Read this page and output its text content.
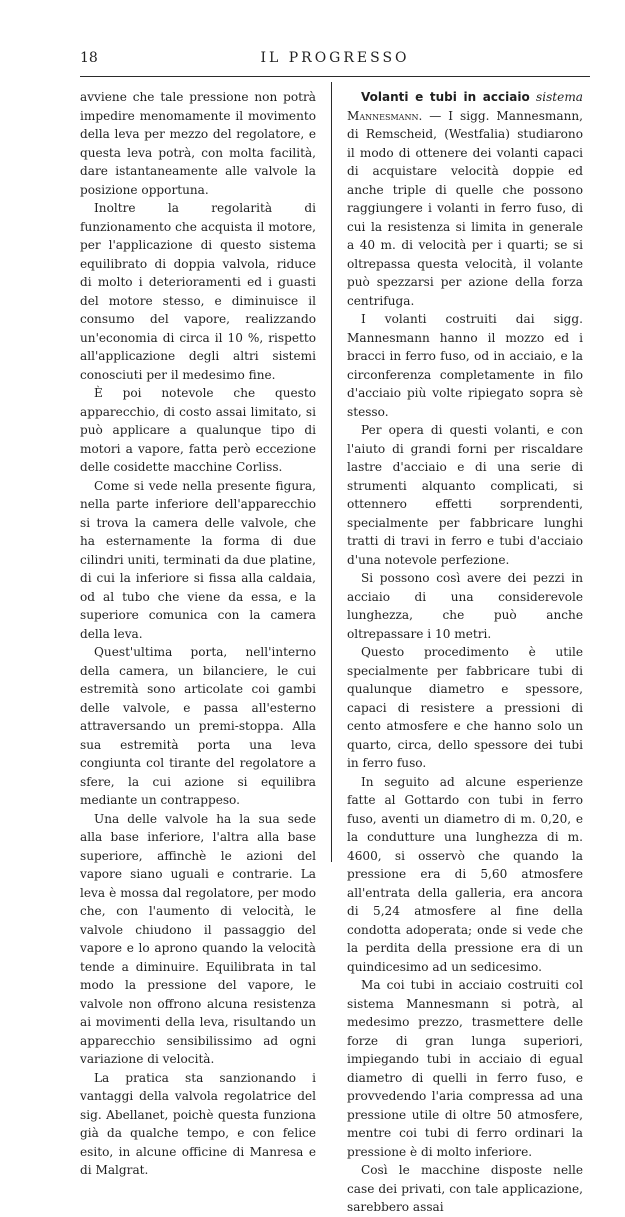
18	IL PROGRESSO

avviene che tale pressione non potrà impedire menomamente il movimento della leva per mezzo del regolatore, e questa leva potrà, con molta facilità, dare istantaneamente alle valvole la posizione opportuna.

Inoltre la regolarità di funzionamento che acquista il motore, per l'applicazione di questo sistema equilibrato di doppia valvola, riduce di molto i deterioramenti ed i guasti del motore stesso, e diminuisce il consumo del vapore, realizzando un'economia di circa il 10 %, rispetto all'applicazione degli altri sistemi conosciuti per il medesimo fine.

È poi notevole che questo apparecchio, di costo assai limitato, si può applicare a qualunque tipo di motori a vapore, fatta però eccezione delle cosidette macchine Corliss.

Come si vede nella presente figura, nella parte inferiore dell'apparecchio si trova la camera delle valvole, che ha esternamente la forma di due cilindri uniti, terminati da due platine, di cui la inferiore si fissa alla caldaia, od al tubo che viene da essa, e la superiore comunica con la camera della leva.

Quest'ultima porta, nell'interno della camera, un bilanciere, le cui estremità sono articolate coi gambi delle valvole, e passa all'esterno attraversando un premi-stoppa. Alla sua estremità porta una leva congiunta col tirante del regolatore a sfere, la cui azione si equilibra mediante un contrappeso.

Una delle valvole ha la sua sede alla base inferiore, l'altra alla base superiore, affinchè le azioni del vapore siano uguali e contrarie. La leva è mossa dal regolatore, per modo che, con l'aumento di velocità, le valvole chiudono il passaggio del vapore e lo aprono quando la velocità tende a diminuire. Equilibrata in tal modo la pressione del vapore, le valvole non offrono alcuna resistenza ai movimenti della leva, risultando un apparecchio sensibilissimo ad ogni variazione di velocità.

La pratica sta sanzionando i vantaggi della valvola regolatrice del sig. Abellanet, poichè questa funziona già da qualche tempo, e con felice esito, in alcune officine di Manresa e di Malgrat.

Volanti e tubi in acciaio sistema Mannesmann. — I sigg. Mannesmann, di Remscheid, (Westfalia) studiarono il modo di ottenere dei volanti capaci di acquistare velocità doppie ed anche triple di quelle che possono raggiungere i volanti in ferro fuso, di cui la resistenza si limita in generale a 40 m. di velocità per i quarti; se si oltrepassa questa velocità, il volante può spezzarsi per azione della forza centrifuga.

I volanti costruiti dai sigg. Mannesmann hanno il mozzo ed i bracci in ferro fuso, od in acciaio, e la circonferenza completamente in filo d'acciaio più volte ripiegato sopra sè stesso.

Per opera di questi volanti, e con l'aiuto di grandi forni per riscaldare lastre d'acciaio e di una serie di strumenti alquanto complicati, si ottennero effetti sorprendenti, specialmente per fabbricare lunghi tratti di travi in ferro e tubi d'acciaio d'una notevole perfezione.

Si possono così avere dei pezzi in acciaio di una considerevole lunghezza, che può anche oltrepassare i 10 metri.

Questo procedimento è utile specialmente per fabbricare tubi di qualunque diametro e spessore, capaci di resistere a pressioni di cento atmosfere e che hanno solo un quarto, circa, dello spessore dei tubi in ferro fuso.

In seguito ad alcune esperienze fatte al Gottardo con tubi in ferro fuso, aventi un diametro di m. 0,20, e la condutture una lunghezza di m. 4600, si osservò che quando la pressione era di 5,60 atmosfere all'entrata della galleria, era ancora di 5,24 atmosfere al fine della condotta adoperata; onde si vede che la perdita della pressione era di un quindicesimo ad un sedicesimo.

Ma coi tubi in acciaio costruiti col sistema Mannesmann si potrà, al medesimo prezzo, trasmettere delle forze di gran lunga superiori, impiegando tubi in acciaio di egual diametro di quelli in ferro fuso, e provvedendo l'aria compressa ad una pressione utile di oltre 50 atmosfere, mentre coi tubi di ferro ordinari la pressione è di molto inferiore.

Così le macchine disposte nelle case dei privati, con tale applicazione, sarebbero assai
